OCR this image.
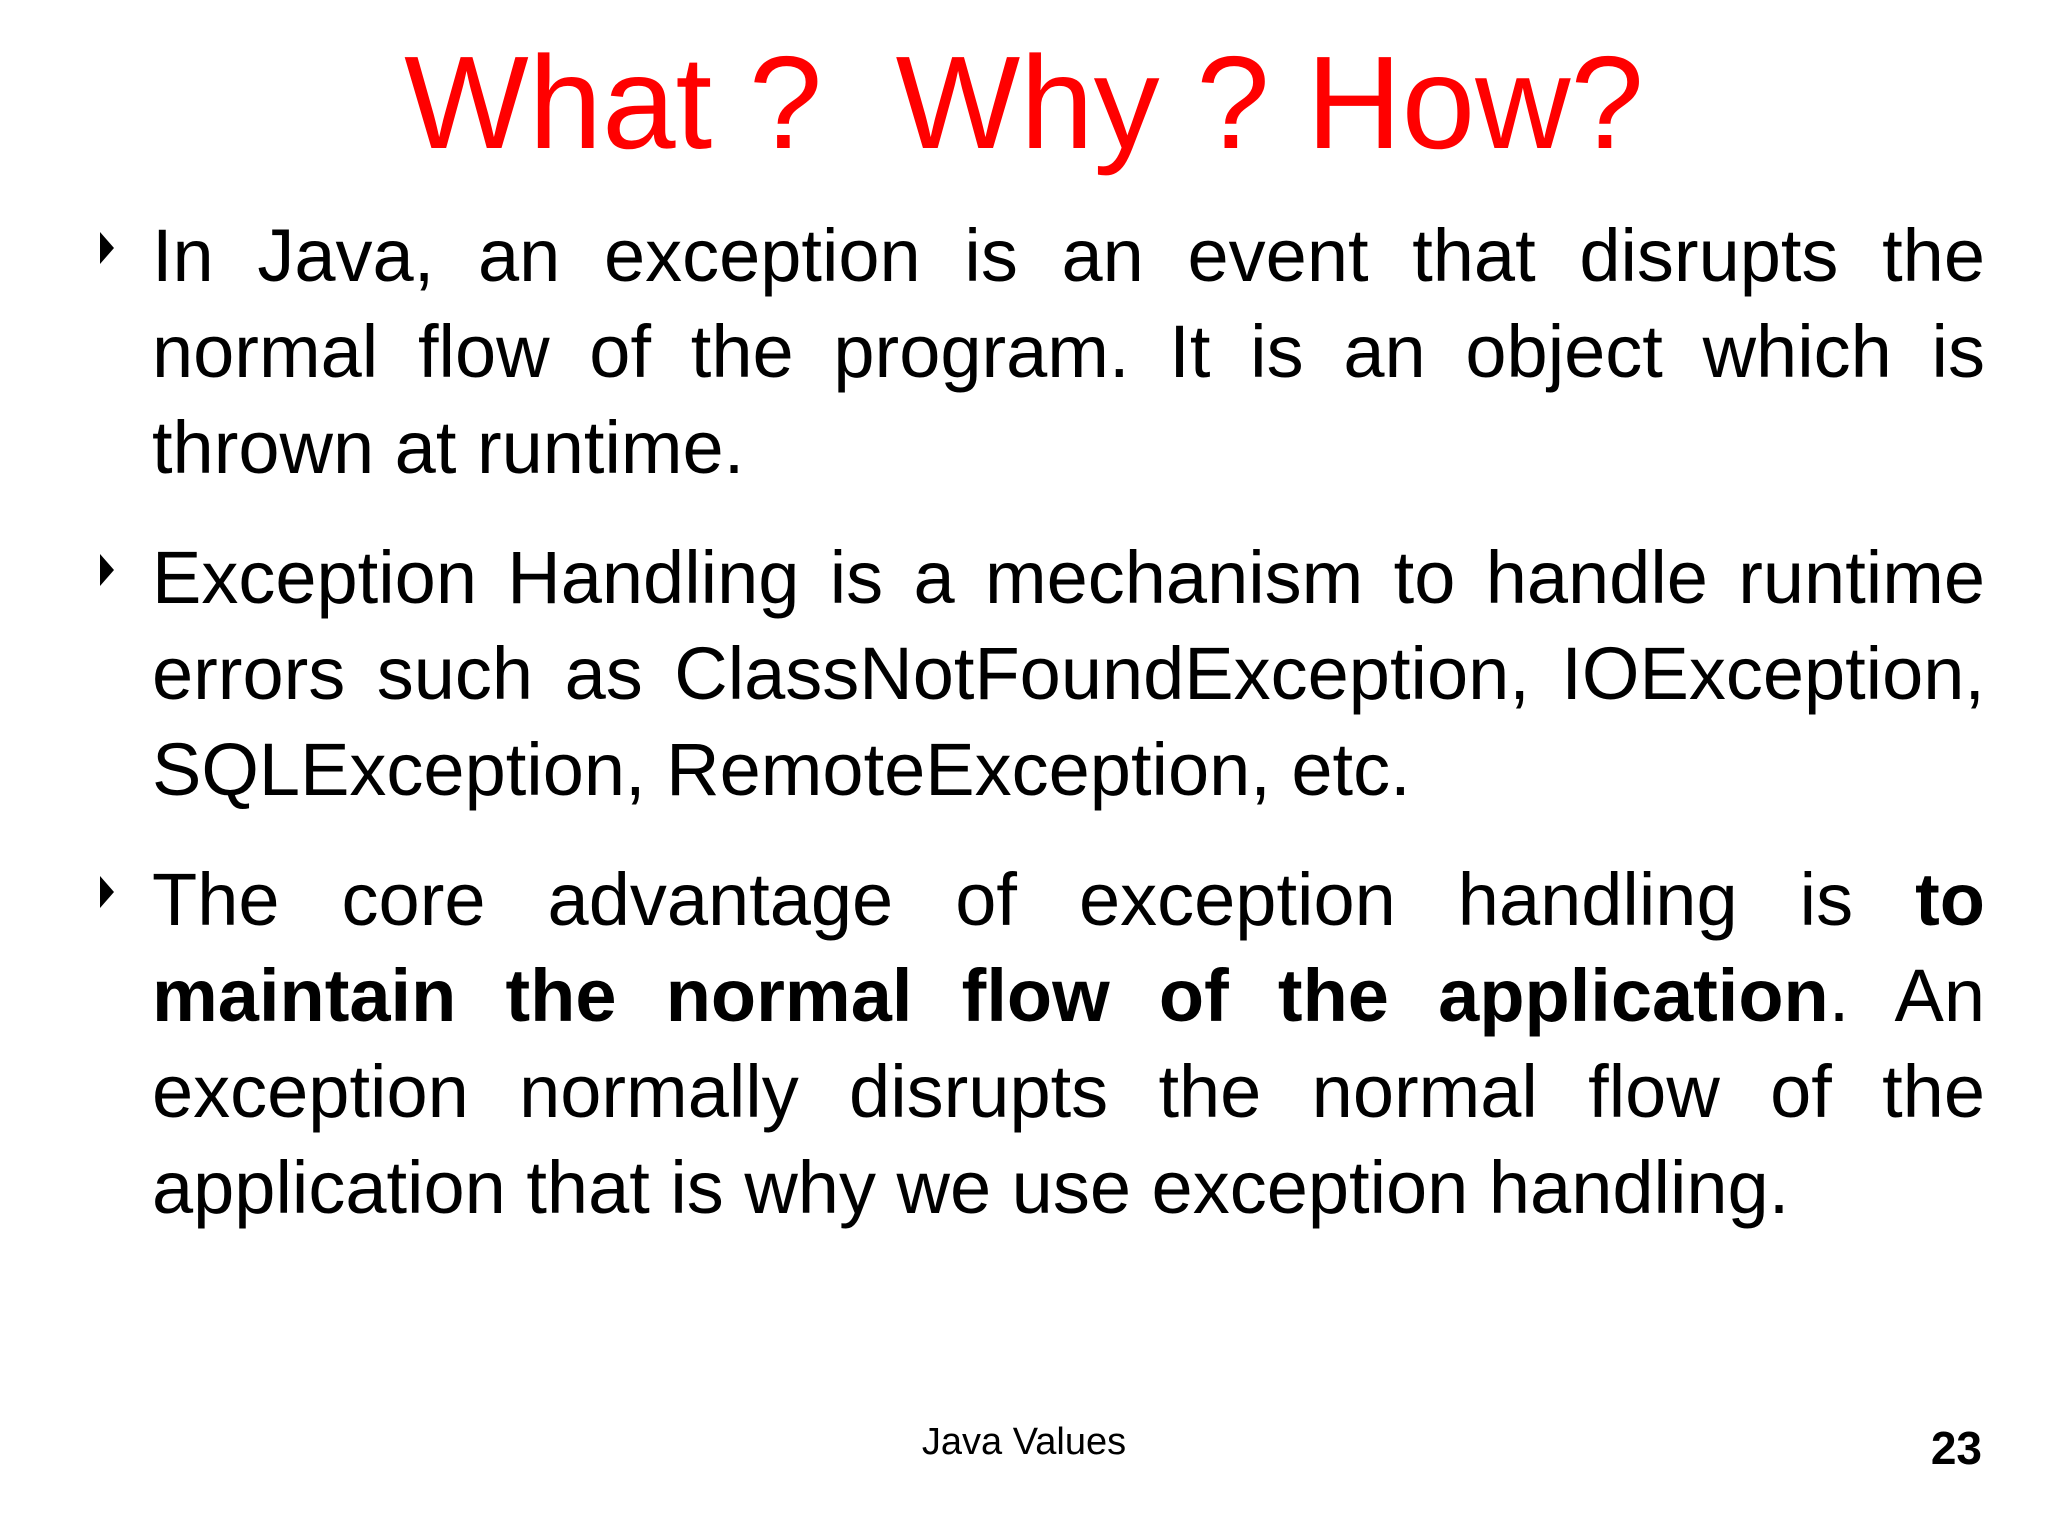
What ?  Why ? How?
In Java, an exception is an event that disrupts the normal flow of the program. It is an object which is thrown at runtime.
Exception Handling is a mechanism to handle runtime errors such as ClassNotFoundException, IOException, SQLException, RemoteException, etc.
The core advantage of exception handling is to maintain the normal flow of the application. An exception normally disrupts the normal flow of the application that is why we use exception handling.
Java Values	23
